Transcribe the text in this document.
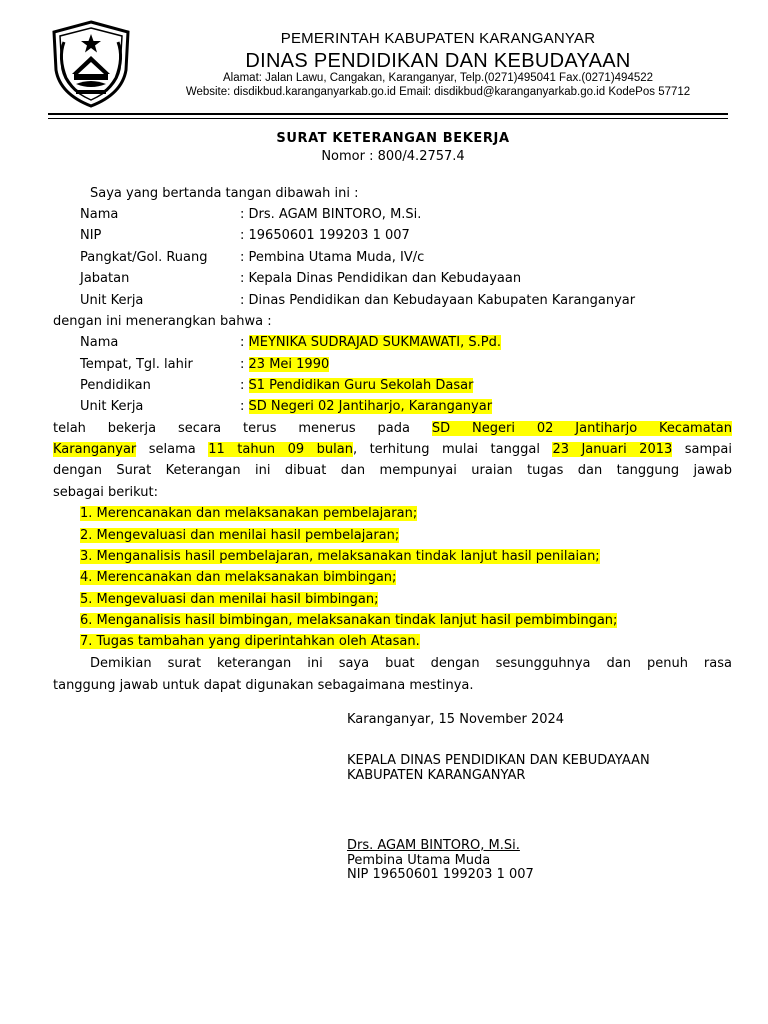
PEMERINTAH KABUPATEN KARANGANYAR
DINAS PENDIDIKAN DAN KEBUDAYAAN
Alamat: Jalan Lawu, Cangakan, Karanganyar, Telp.(0271)495041 Fax.(0271)494522
Website: disdikbud.karanganyarkab.go.id Email: disdikbud@karanganyarkab.go.id KodePos 57712
SURAT KETERANGAN BEKERJA
Nomor : 800/4.2757.4
Saya yang bertanda tangan dibawah ini :
Nama	: Drs. AGAM BINTORO, M.Si.
NIP	: 19650601 199203 1 007
Pangkat/Gol. Ruang : Pembina Utama Muda, IV/c
Jabatan	: Kepala Dinas Pendidikan dan Kebudayaan
Unit Kerja	: Dinas Pendidikan dan Kebudayaan Kabupaten Karanganyar
dengan ini menerangkan bahwa :
Nama	: MEYNIKA SUDRAJAD SUKMAWATI, S.Pd.
Tempat, Tgl. lahir	: 23 Mei 1990
Pendidikan	: S1 Pendidikan Guru Sekolah Dasar
Unit Kerja	: SD Negeri 02 Jantiharjo, Karanganyar
telah bekerja secara terus menerus pada SD Negeri 02 Jantiharjo Kecamatan
Karanganyar selama 11 tahun 09 bulan, terhitung mulai tanggal 23 Januari 2013 sampai
dengan Surat Keterangan ini dibuat dan mempunyai uraian tugas dan tanggung jawab
sebagai berikut:
1. Merencanakan dan melaksanakan pembelajaran;
2. Mengevaluasi dan menilai hasil pembelajaran;
3. Menganalisis hasil pembelajaran, melaksanakan tindak lanjut hasil penilaian;
4. Merencanakan dan melaksanakan bimbingan;
5. Mengevaluasi dan menilai hasil bimbingan;
6. Menganalisis hasil bimbingan, melaksanakan tindak lanjut hasil pembimbingan;
7. Tugas tambahan yang diperintahkan oleh Atasan.
Demikian surat keterangan ini saya buat dengan sesungguhnya dan penuh rasa
tanggung jawab untuk dapat digunakan sebagaimana mestinya.
Karanganyar, 15 November 2024
KEPALA DINAS PENDIDIKAN DAN KEBUDAYAAN
KABUPATEN KARANGANYAR
Drs. AGAM BINTORO, M.Si.
Pembina Utama Muda
NIP 19650601 199203 1 007
